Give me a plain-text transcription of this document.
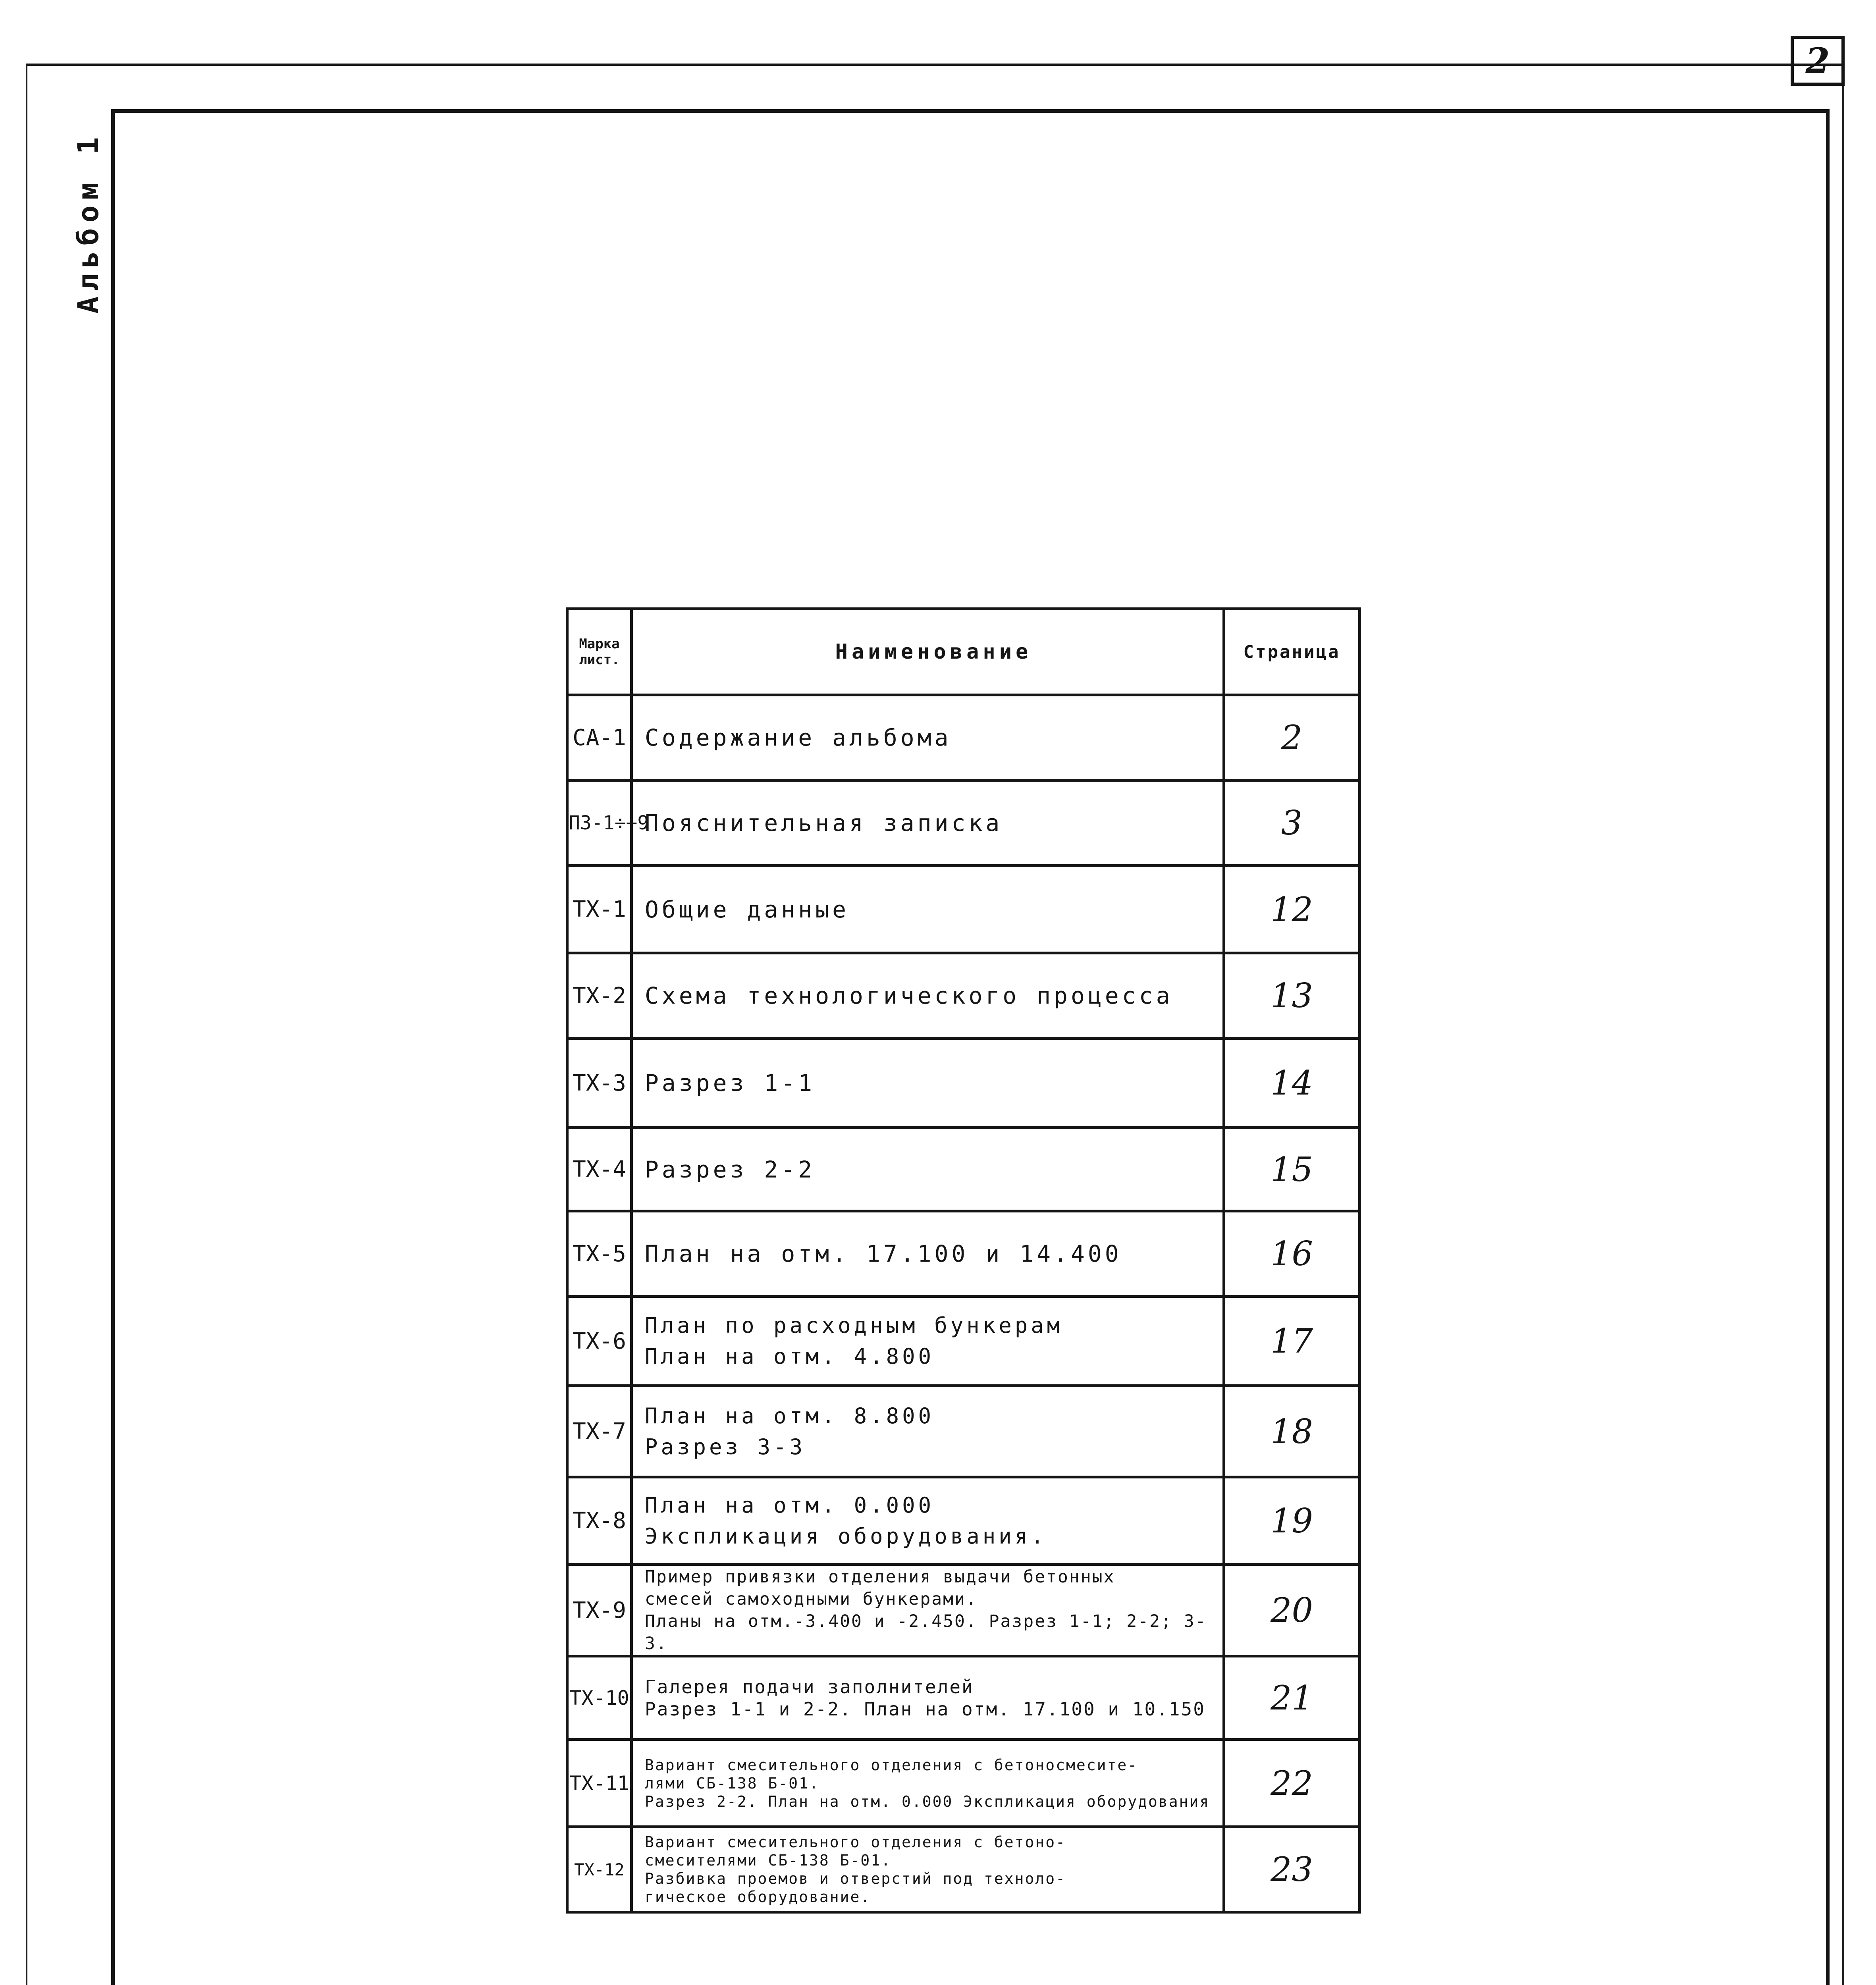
2
Альбом 1
Марка лист.	Наименование	Страница
СА-1	Содержание альбома	2
ПЗ-1÷÷9	Пояснительная записка	3
ТХ-1	Общие данные	12
ТХ-2	Схема технологического процесса	13
ТХ-3	Разрез 1-1	14
ТХ-4	Разрез 2-2	15
ТХ-5	План на отм. 17.100 и 14.400	16
ТХ-6	План по расходным бункерам
План на отм. 4.800	17
ТХ-7	План на отм. 8.800
Разрез 3-3	18
ТХ-8	План на отм. 0.000
Экспликация оборудования.	19
ТХ-9	Пример привязки отделения выдачи бетонных
смесей самоходными бункерами.
Планы на отм.-3.400 и -2.450. Разрез 1-1; 2-2; 3-3.	20
ТХ-10	Галерея подачи заполнителей
Разрез 1-1 и 2-2. План на отм. 17.100 и 10.150	21
ТХ-11	Вариант смесительного отделения с бетоносмесите-
лями СБ-138 Б-01.
Разрез 2-2. План на отм. 0.000 Экспликация оборудования	22
ТХ-12	Вариант смесительного отделения с бетоно-
смесителями СБ-138 Б-01.
Разбивка проемов и отверстий под техноло-
гическое оборудование.	23
